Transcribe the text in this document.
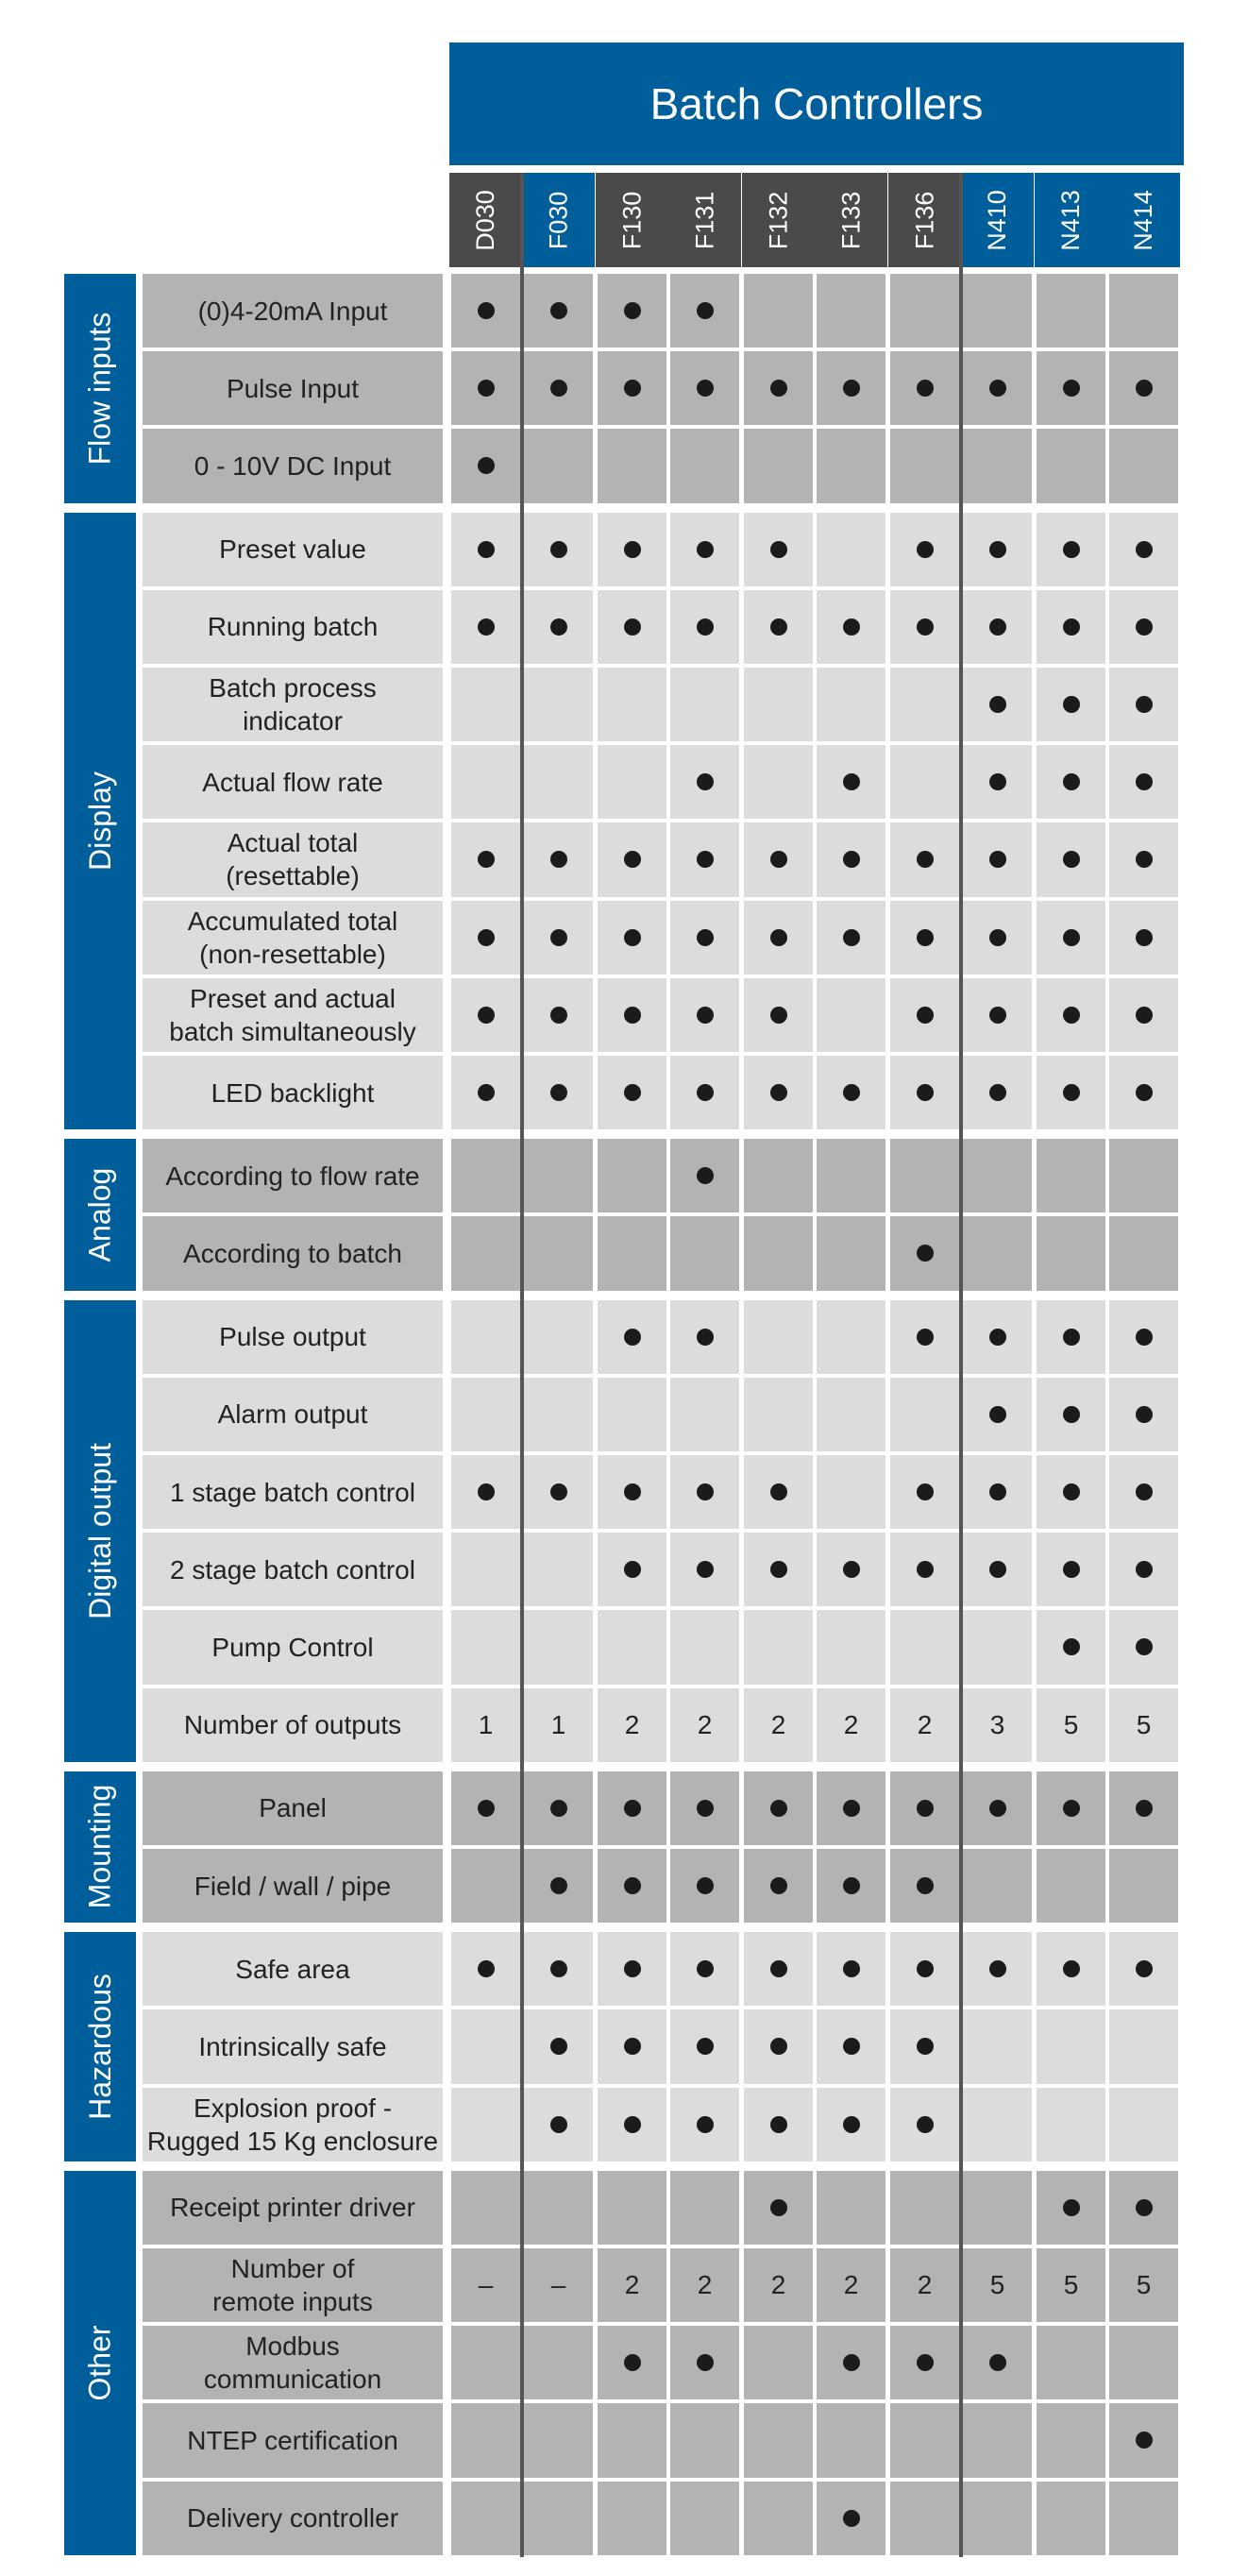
Batch Controllers
D030 F030 F130 F131 F132 F133 F136 N410 N413 N414
(0)4-20mA Input
Pulse Input
0 - 10V DC Input
Flow inputs
Preset value
Running batch
Batch process
indicator
Actual flow rate
Actual total
(resettable)
Accumulated total
(non-resettable)
Preset and actual
batch simultaneously
LED backlight
Display
According to flow rate
According to batch
Analog
Pulse output
Alarm output
1 stage batch control
2 stage batch control
Pump Control
Number of outputs	1 1 2 2 2 2 2 3 5 5
Digital output
Panel
Field / wall / pipe
Mounting
Safe area
Intrinsically safe
Explosion proof -
Rugged 15 Kg enclosure
Hazardous
Receipt printer driver
Number of
remote inputs
– – 2 2 2 2 2 5 5 5
Modbus
communication
NTEP certification
Delivery controller
Other
